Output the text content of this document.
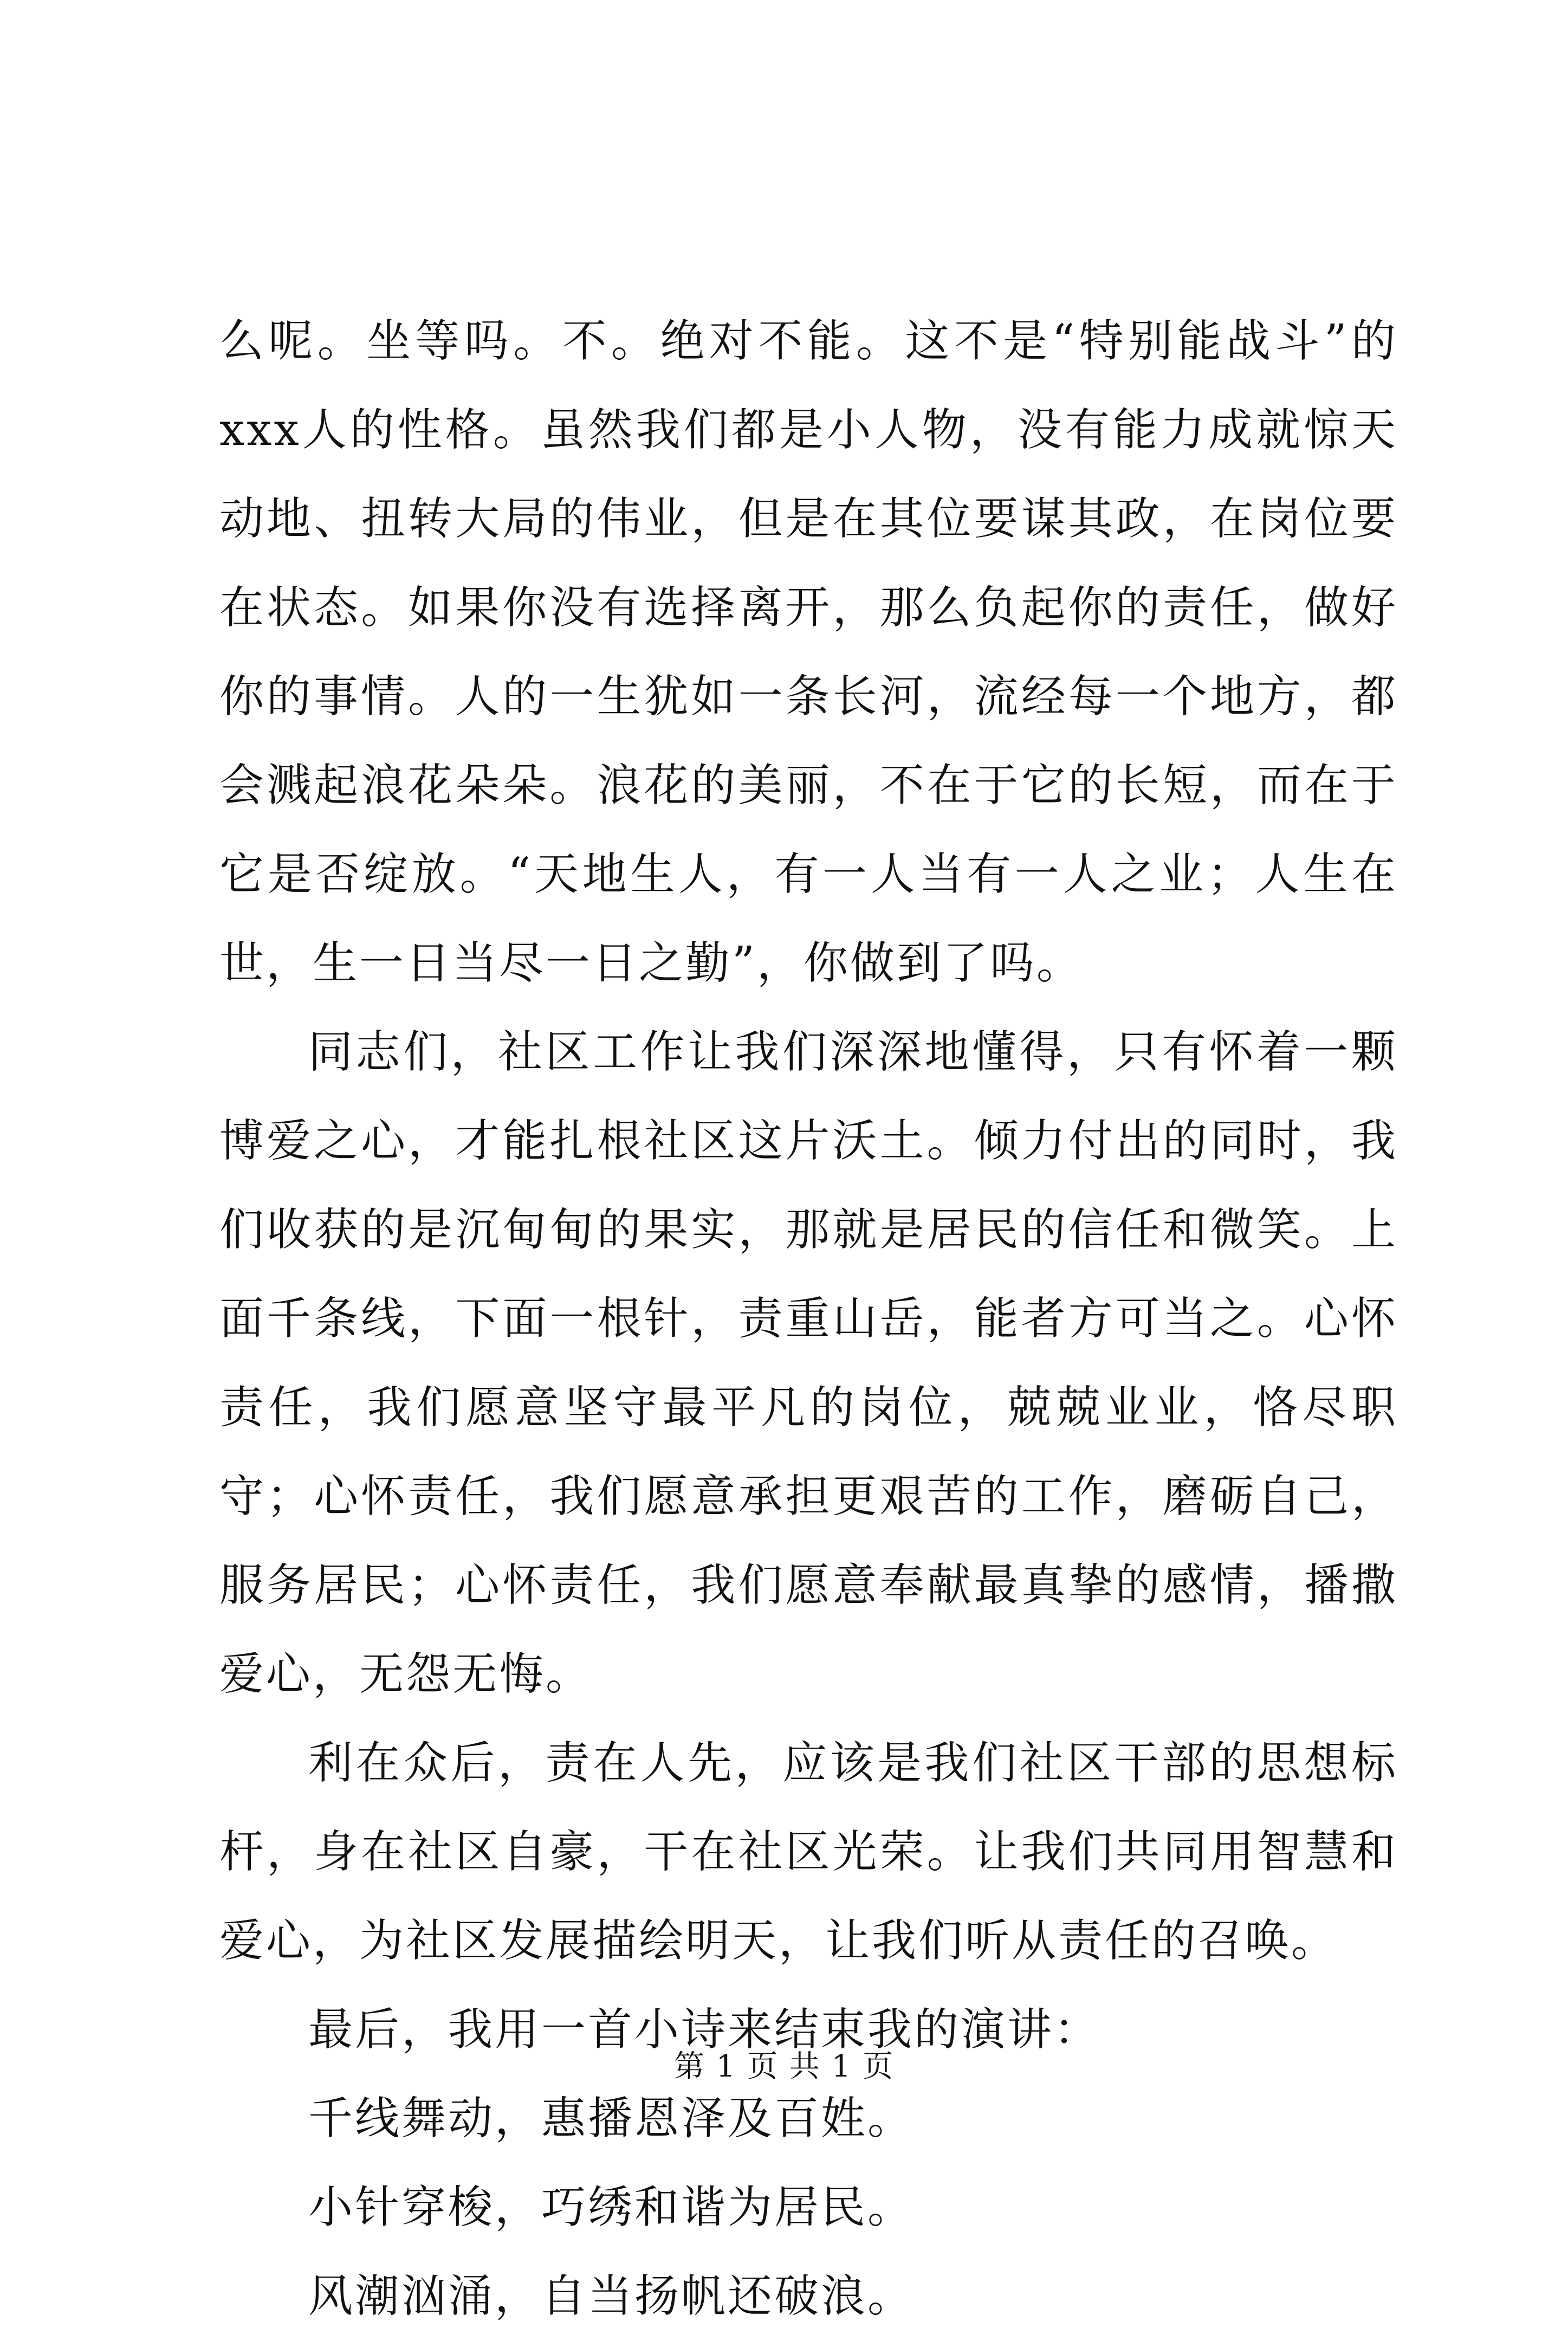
么呢。坐等吗。不。绝对不能。这不是“特别能战斗”的xxx人的性格。虽然我们都是小人物，没有能力成就惊天动地、扭转大局的伟业，但是在其位要谋其政，在岗位要在状态。如果你没有选择离开，那么负起你的责任，做好你的事情。人的一生犹如一条长河，流经每一个地方，都会溅起浪花朵朵。浪花的美丽，不在于它的长短，而在于它是否绽放。“天地生人，有一人当有一人之业；人生在世，生一日当尽一日之勤”，你做到了吗。

同志们，社区工作让我们深深地懂得，只有怀着一颗博爱之心，才能扎根社区这片沃土。倾力付出的同时，我们收获的是沉甸甸的果实，那就是居民的信任和微笑。上面千条线，下面一根针，责重山岳，能者方可当之。心怀责任，我们愿意坚守最平凡的岗位，兢兢业业，恪尽职守；心怀责任，我们愿意承担更艰苦的工作，磨砺自己，服务居民；心怀责任，我们愿意奉献最真挚的感情，播撒爱心，无怨无悔。

利在众后，责在人先，应该是我们社区干部的思想标杆，身在社区自豪，干在社区光荣。让我们共同用智慧和爱心，为社区发展描绘明天，让我们听从责任的召唤。

最后，我用一首小诗来结束我的演讲：

千线舞动，惠播恩泽及百姓。

小针穿梭，巧绣和谐为居民。

风潮汹涌，自当扬帆还破浪。

第 1 页 共 1 页
